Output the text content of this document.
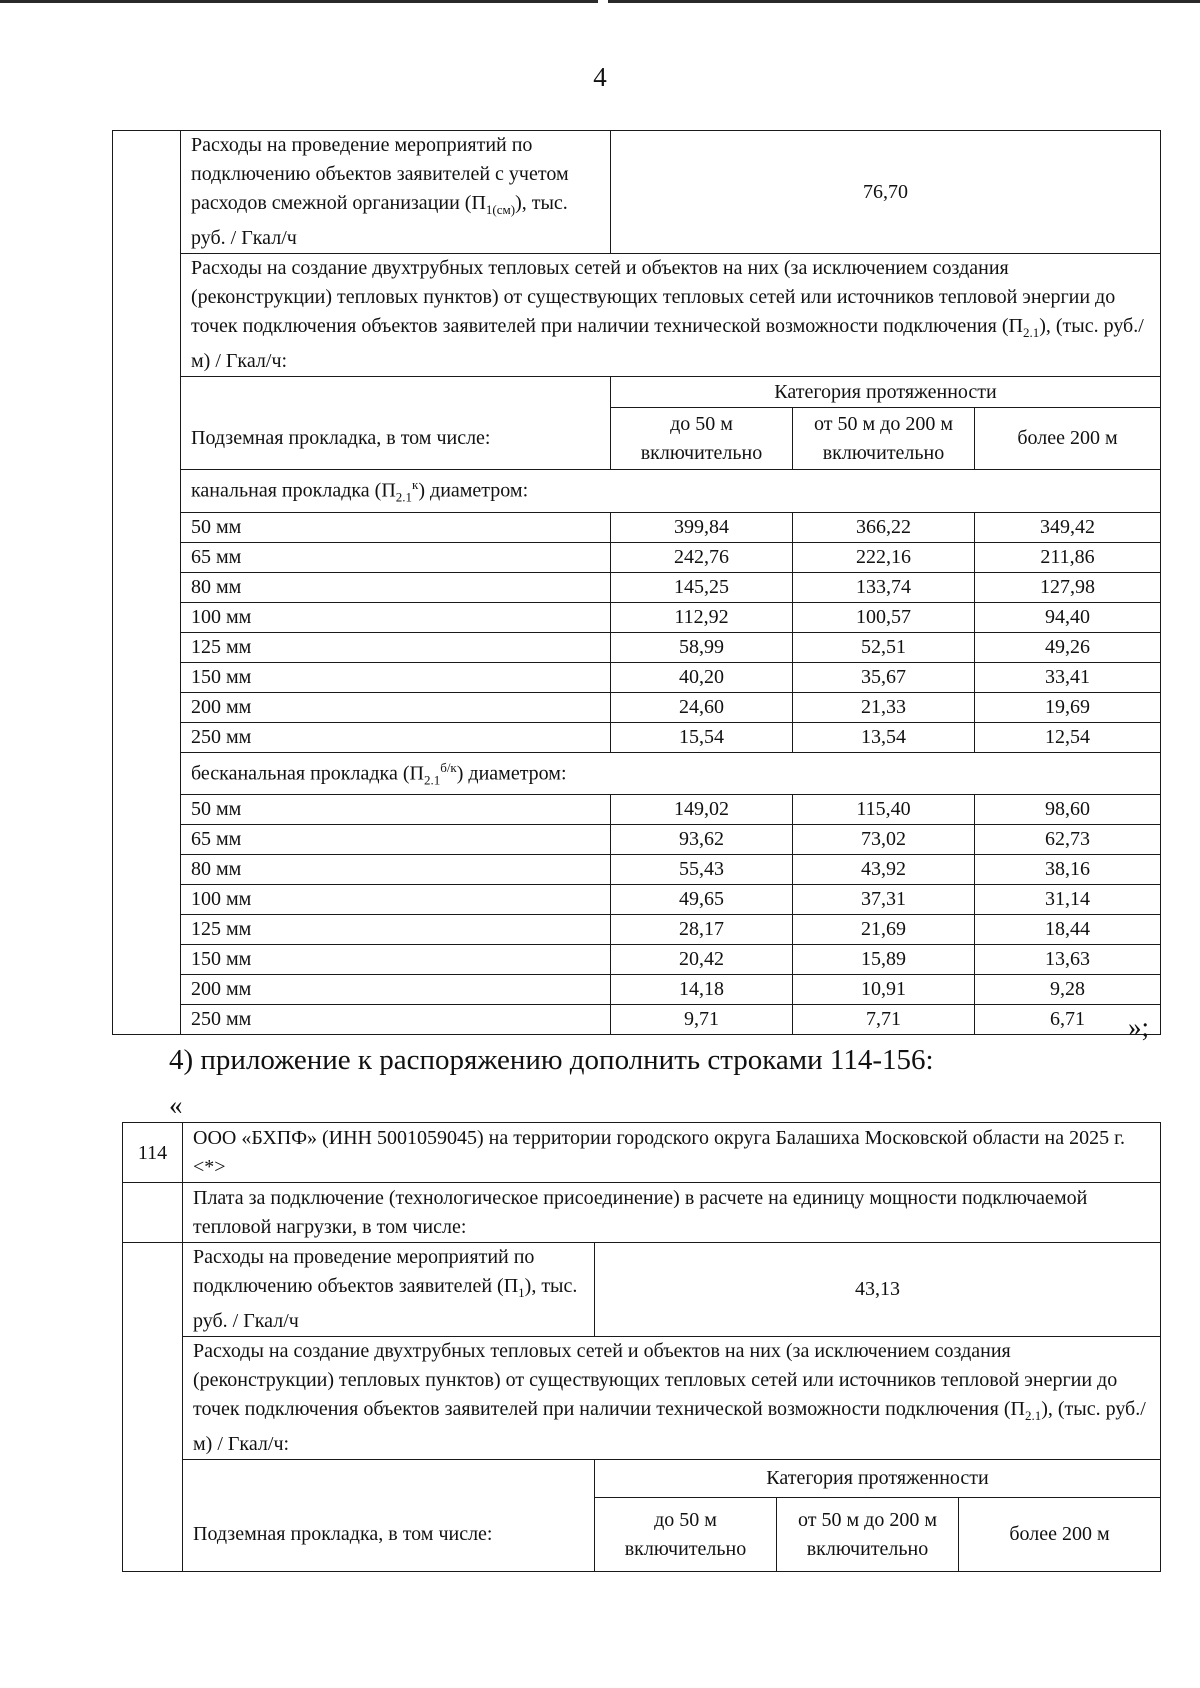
4
	Расходы на проведение мероприятий по подключению объектов заявителей с учетом расходов смежной организации $(П_{1(см)})$, тыс. руб. / Гкал/ч	76,70		
	Расходы на создание двухтрубных тепловых сетей и объектов на них (за исключением создания (реконструкции) тепловых пунктов) от существующих тепловых сетей или источников тепловой энергии до точек подключения объектов заявителей при наличии технической возможности подключения $(П_{2.1})$, (тыс. руб./м) / Гкал/ч:			
	Подземная прокладка, в том числе:	Категория протяженности		
		до 50 м включительно	от 50 м до 200 м включительно	более 200 м
	канальная прокладка $(П_{2.1}^к)$ диаметром:			
	50 мм	399,84	366,22	349,42
	65 мм	242,76	222,16	211,86
	80 мм	145,25	133,74	127,98
	100 мм	112,92	100,57	94,40
	125 мм	58,99	52,51	49,26
	150 мм	40,20	35,67	33,41
	200 мм	24,60	21,33	19,69
	250 мм	15,54	13,54	12,54
	бесканальная прокладка $(П_{2.1}^{б/к})$ диаметром:			
	50 мм	149,02	115,40	98,60
	65 мм	93,62	73,02	62,73
	80 мм	55,43	43,92	38,16
	100 мм	49,65	37,31	31,14
	125 мм	28,17	21,69	18,44
	150 мм	20,42	15,89	13,63
	200 мм	14,18	10,91	9,28
	250 мм	9,71	7,71	6,71 »;
4) приложение к распоряжению дополнить строками 114-156:
«
114	ООО «БХПФ» (ИНН 5001059045) на территории городского округа Балашиха Московской области на 2025 г. <*>			
	Плата за подключение (технологическое присоединение) в расчете на единицу мощности подключаемой тепловой нагрузки, в том числе:			
	Расходы на проведение мероприятий по подключению объектов заявителей $(П_1)$, тыс. руб. / Гкал/ч	43,13		
	Расходы на создание двухтрубных тепловых сетей и объектов на них (за исключением создания (реконструкции) тепловых пунктов) от существующих тепловых сетей или источников тепловой энергии до точек подключения объектов заявителей при наличии технической возможности подключения $(П_{2.1})$, (тыс. руб./м) / Гкал/ч:			
	Подземная прокладка, в том числе:	Категория протяженности		
		до 50 м включительно	от 50 м до 200 м включительно	более 200 м
